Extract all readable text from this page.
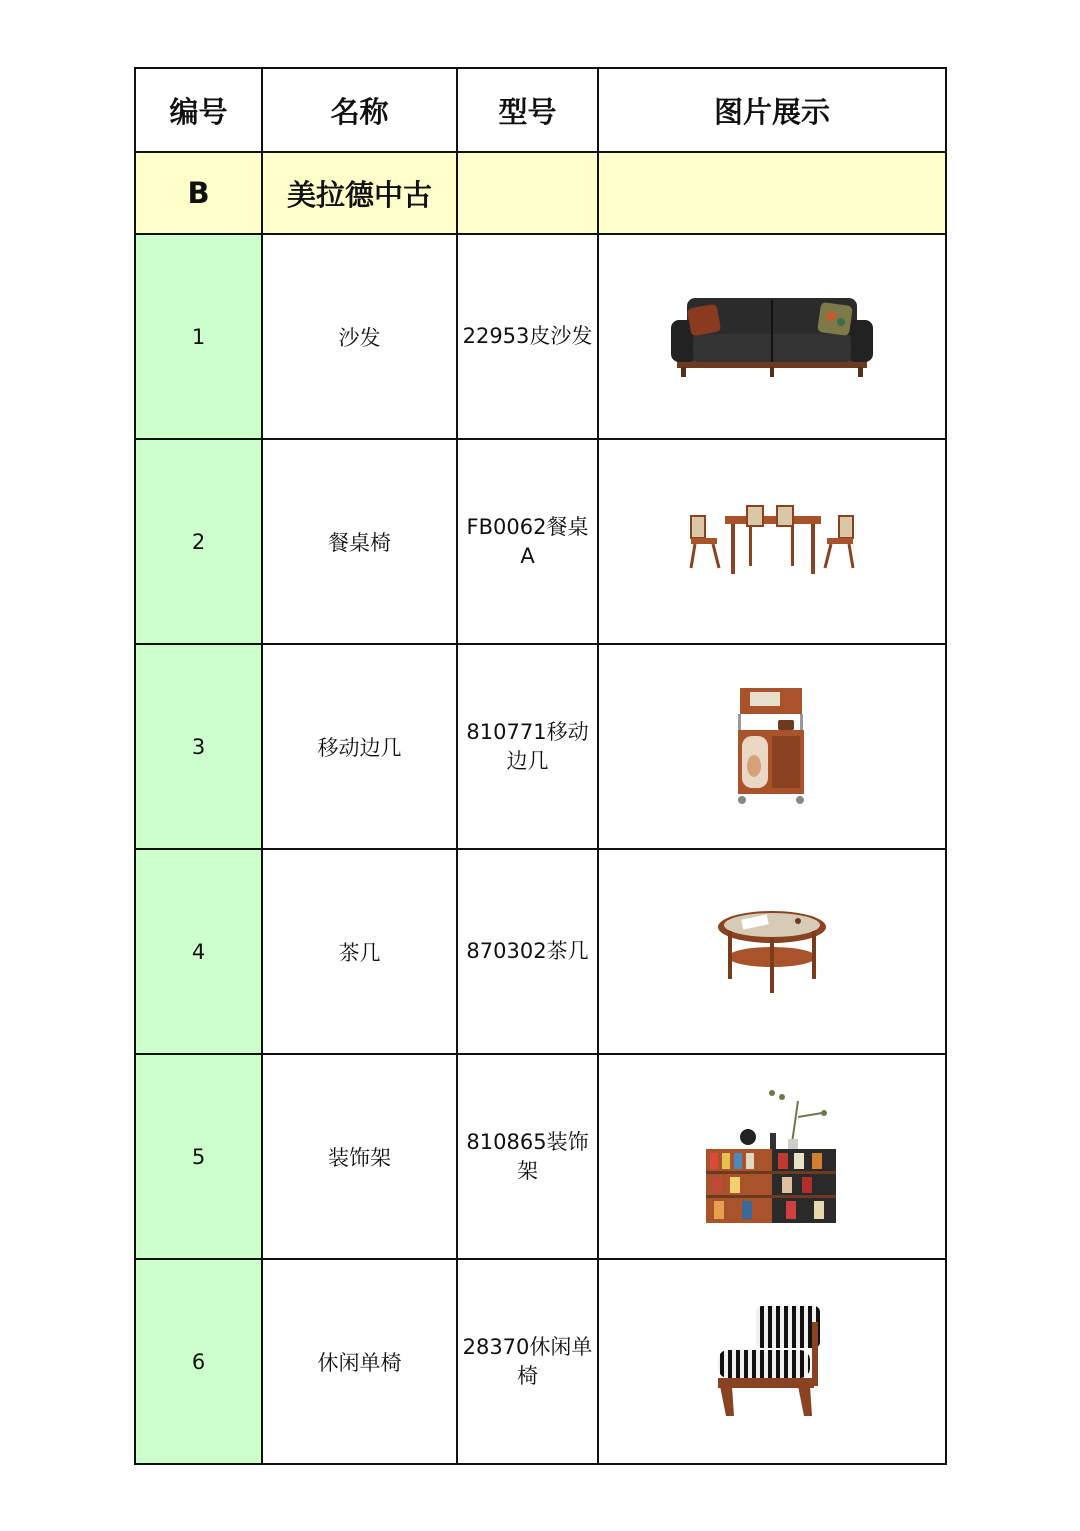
编号	名称	型号	图片展示
B	美拉德中古		
1	沙发	22953皮沙发	

2	餐桌椅	FB0062餐桌A	

3	移动边几	810771移动边几	

4	茶几	870302茶几	

5	装饰架	810865装饰架	

6	休闲单椅	28370休闲单椅	
